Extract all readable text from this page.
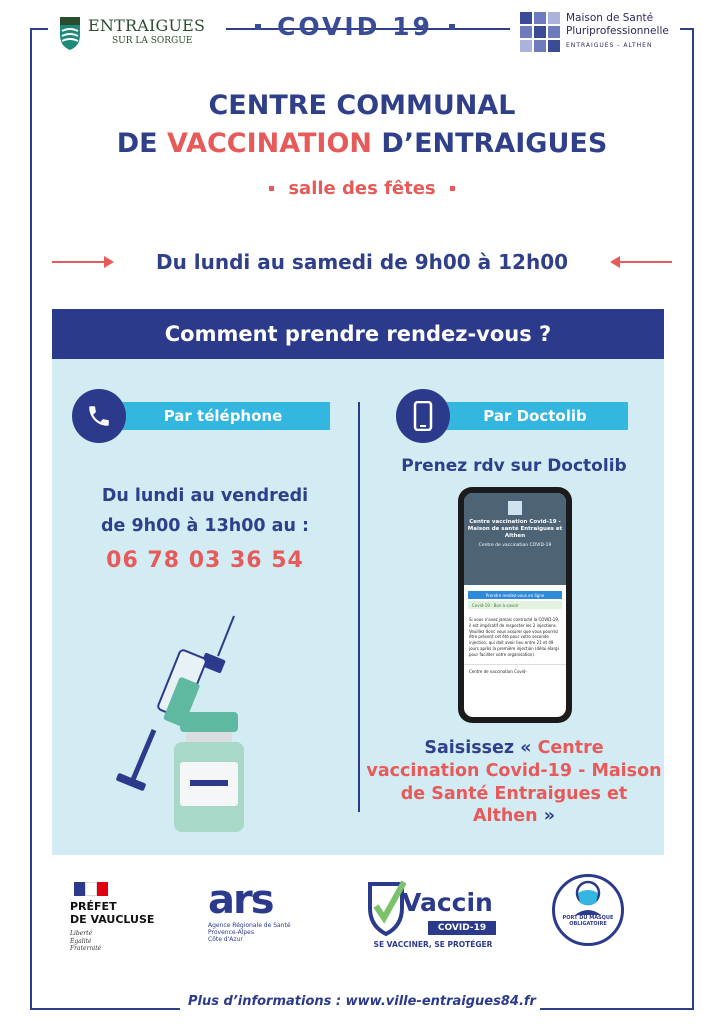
ENTRAIGUES
SUR LA SORGUE	COVID 19	Maison de Santé
Pluriprofessionnelle
ENTRAIGUES - ALTHEN
CENTRE COMMUNAL
DE VACCINATION D’ENTRAIGUES
salle des fêtes
Du lundi au samedi de 9h00 à 12h00
Comment prendre rendez-vous ?
Par téléphone
Du lundi au vendredi
de 9h00 à 13h00 au :
06 78 03 36 54
Par Doctolib
Prenez rdv sur Doctolib
Centre vaccination Covid-19 - Maison de santé Entraigues et Althen
Centre de vaccination COVID-19
Prendre rendez-vous en ligne
Covid-19 : Bon à savoir
Si vous n'avez jamais contracté la COVID-19, il est impératif de respecter les 2 injections. Veuillez donc vous assurer que vous pourrez être présent cet été pour votre seconde injection, qui doit avoir lieu entre 21 et 49 jours après la première injection (délai élargi pour faciliter votre organisation).
Centre de vaccination Covid-
Saisissez « Centre vaccination Covid-19 - Maison de Santé Entraigues et Althen »
PRÉFET
DE VAUCLUSE
Liberté
Égalité
Fraternité
ars
Agence Régionale de Santé
Provence-Alpes
Côte d'Azur
Vaccin
COVID-19
SE VACCINER, SE PROTÉGER
PORT DU MASQUE
OBLIGATOIRE
Plus d’informations : www.ville-entraigues84.fr
